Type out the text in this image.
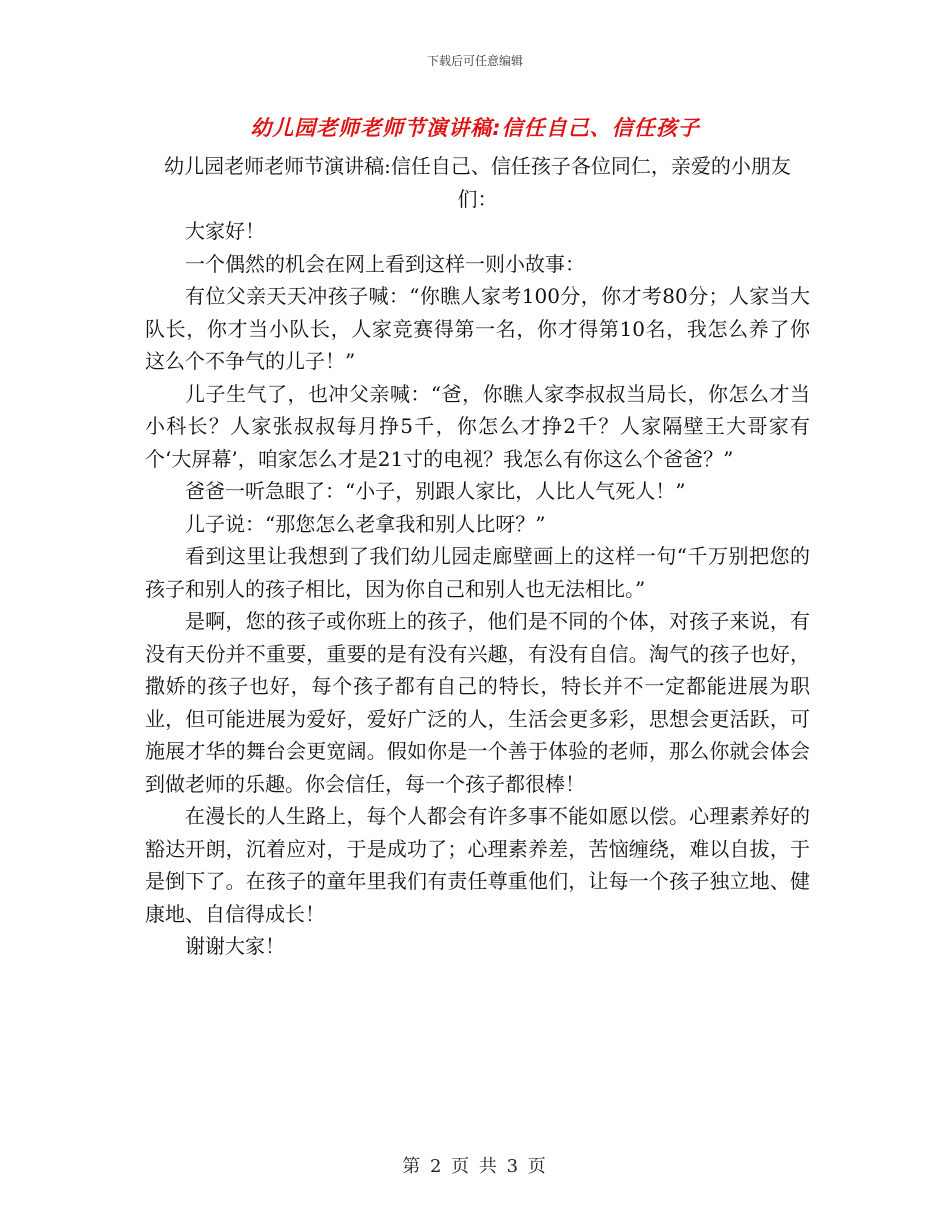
下载后可任意编辑
幼儿园老师老师节演讲稿:信任自己、信任孩子

幼儿园老师老师节演讲稿:信任自己、信任孩子各位同仁，亲爱的小朋友们：

大家好！

一个偶然的机会在网上看到这样一则小故事：

有位父亲天天冲孩子喊：“你瞧人家考100分，你才考80分；人家当大队长，你才当小队长，人家竞赛得第一名，你才得第10名，我怎么养了你这么个不争气的儿子！”

儿子生气了，也冲父亲喊：“爸，你瞧人家李叔叔当局长，你怎么才当小科长？人家张叔叔每月挣5千，你怎么才挣2千？人家隔壁王大哥家有个‘大屏幕’，咱家怎么才是21寸的电视？我怎么有你这么个爸爸？”

爸爸一听急眼了：“小子，别跟人家比，人比人气死人！”

儿子说：“那您怎么老拿我和别人比呀？”

看到这里让我想到了我们幼儿园走廊壁画上的这样一句“千万别把您的孩子和别人的孩子相比，因为你自己和别人也无法相比。”

是啊，您的孩子或你班上的孩子，他们是不同的个体，对孩子来说，有没有天份并不重要，重要的是有没有兴趣，有没有自信。淘气的孩子也好，撒娇的孩子也好，每个孩子都有自己的特长，特长并不一定都能进展为职业，但可能进展为爱好，爱好广泛的人，生活会更多彩，思想会更活跃，可施展才华的舞台会更宽阔。假如你是一个善于体验的老师，那么你就会体会到做老师的乐趣。你会信任，每一个孩子都很棒！

在漫长的人生路上，每个人都会有许多事不能如愿以偿。心理素养好的豁达开朗，沉着应对，于是成功了；心理素养差，苦恼缠绕，难以自拔，于是倒下了。在孩子的童年里我们有责任尊重他们，让每一个孩子独立地、健康地、自信得成长！

谢谢大家！

第 2 页 共 3 页
